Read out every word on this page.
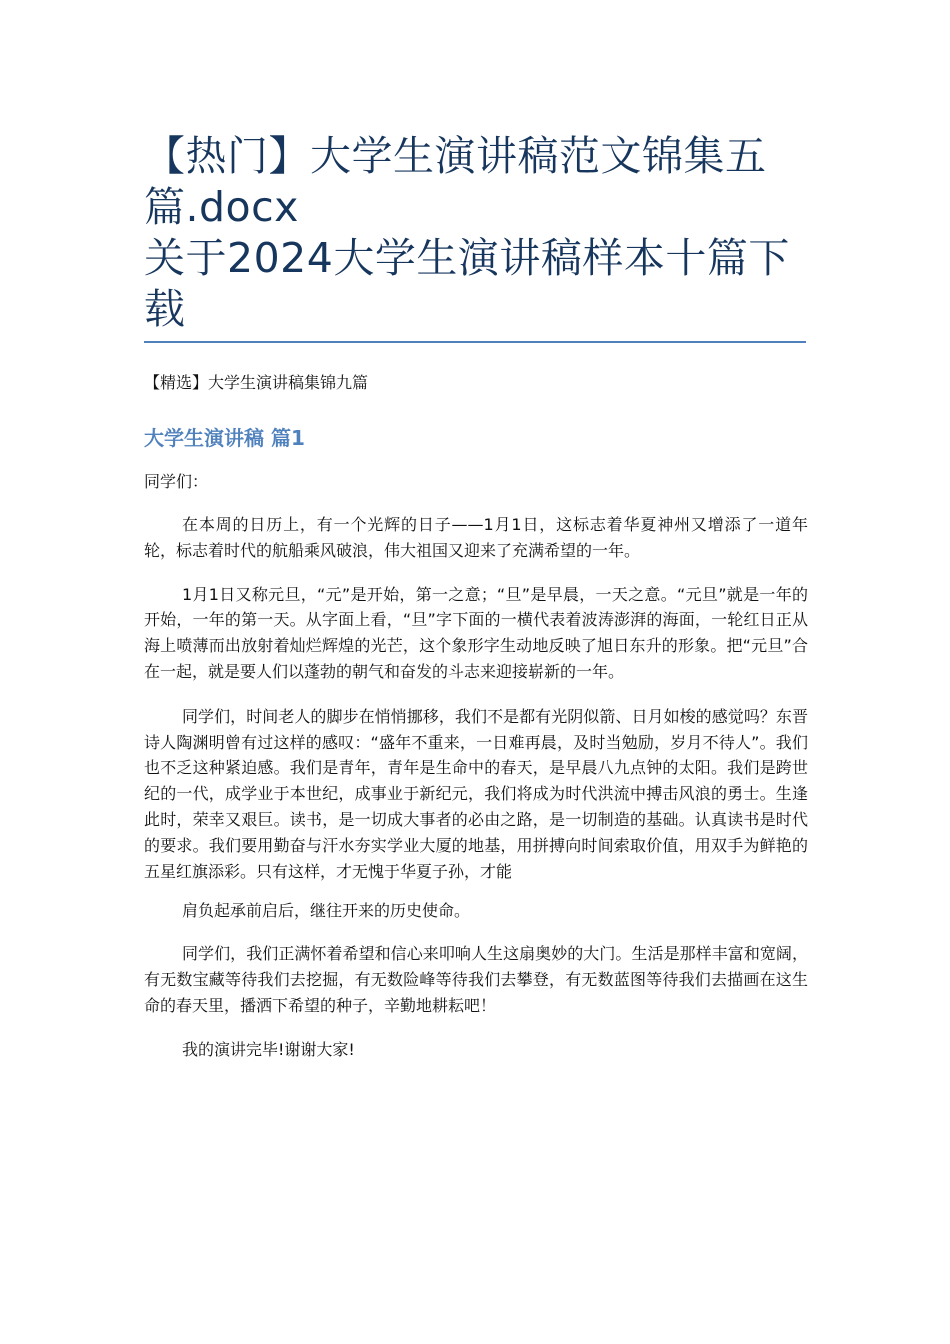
【热门】大学生演讲稿范文锦集五
篇.docx
关于2024大学生演讲稿样本十篇下
载

【精选】大学生演讲稿集锦九篇

大学生演讲稿 篇1

同学们：

在本周的日历上，有一个光辉的日子——1月1日，这标志着华夏神州又增添了一道年轮，标志着时代的航船乘风破浪，伟大祖国又迎来了充满希望的一年。

1月1日又称元旦，“元”是开始，第一之意；“旦”是早晨，一天之意。“元旦”就是一年的开始，一年的第一天。从字面上看，“旦”字下面的一横代表着波涛澎湃的海面，一轮红日正从海上喷薄而出放射着灿烂辉煌的光芒，这个象形字生动地反映了旭日东升的形象。把“元旦”合在一起，就是要人们以蓬勃的朝气和奋发的斗志来迎接崭新的一年。

同学们，时间老人的脚步在悄悄挪移，我们不是都有光阴似箭、日月如梭的感觉吗？东晋诗人陶渊明曾有过这样的感叹：“盛年不重来，一日难再晨，及时当勉励，岁月不待人”。我们也不乏这种紧迫感。我们是青年，青年是生命中的春天，是早晨八九点钟的太阳。我们是跨世纪的一代，成学业于本世纪，成事业于新纪元，我们将成为时代洪流中搏击风浪的勇士。生逢此时，荣幸又艰巨。读书，是一切成大事者的必由之路，是一切制造的基础。认真读书是时代的要求。我们要用勤奋与汗水夯实学业大厦的地基，用拼搏向时间索取价值，用双手为鲜艳的五星红旗添彩。只有这样，才无愧于华夏子孙，才能

肩负起承前启后，继往开来的历史使命。

同学们，我们正满怀着希望和信心来叩响人生这扇奥妙的大门。生活是那样丰富和宽阔，有无数宝藏等待我们去挖掘，有无数险峰等待我们去攀登，有无数蓝图等待我们去描画在这生命的春天里，播洒下希望的种子，辛勤地耕耘吧！

我的演讲完毕!谢谢大家!
